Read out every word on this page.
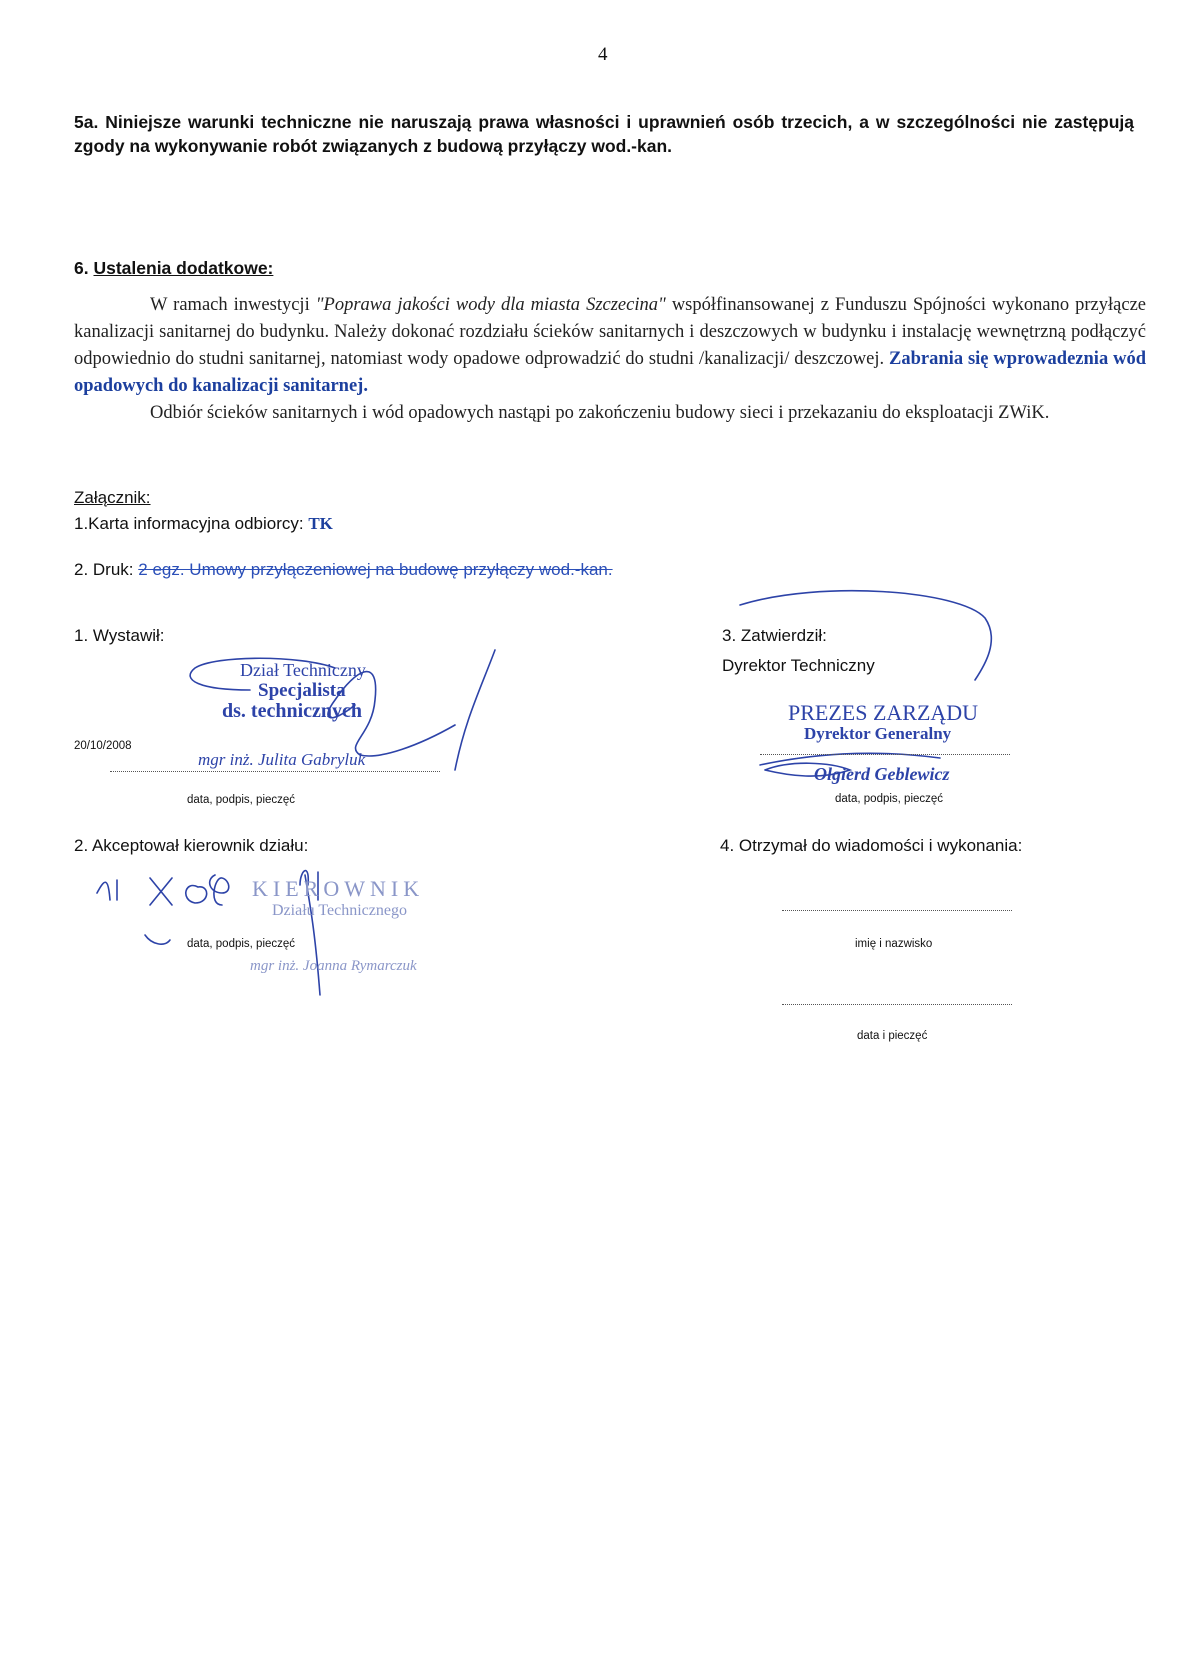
4
5a. Niniejsze warunki techniczne nie naruszają prawa własności i uprawnień osób trzecich, a w szczególności nie zastępują zgody na wykonywanie robót związanych z budową przyłączy wod.-kan.
6. Ustalenia dodatkowe:

W ramach inwestycji "Poprawa jakości wody dla miasta Szczecina" współfinansowanej z Funduszu Spójności wykonano przyłącze kanalizacji sanitarnej do budynku. Należy dokonać rozdziału ścieków sanitarnych i deszczowych w budynku i instalację wewnętrzną podłączyć odpowiednio do studni sanitarnej, natomiast wody opadowe odprowadzić do studni /kanalizacji/ deszczowej. Zabrania się wprowadeznia wód opadowych do kanalizacji sanitarnej.

Odbiór ścieków sanitarnych i wód opadowych nastąpi po zakończeniu budowy sieci i przekazaniu do eksploatacji ZWiK.

Załącznik:
1.Karta informacyjna odbiorcy: TK
2. Druk: 2 egz. Umowy przyłączeniowej na budowę przyłączy wod.-kan.
1. Wystawił:
Dział Techniczny
Specjalista
ds. technicznych
20/10/2008
mgr inż. Julita Gabryluk
data, podpis, pieczęć
3. Zatwierdził:
Dyrektor Techniczny
PREZES ZARZĄDU
Dyrektor Generalny
Olgierd Geblewicz
data, podpis, pieczęć
2. Akceptował kierownik działu:
KIEROWNIK
Działu Technicznego
data, podpis, pieczęć
mgr inż. Joanna Rymarczuk
4. Otrzymał do wiadomości i wykonania:
imię i nazwisko
data i pieczęć
